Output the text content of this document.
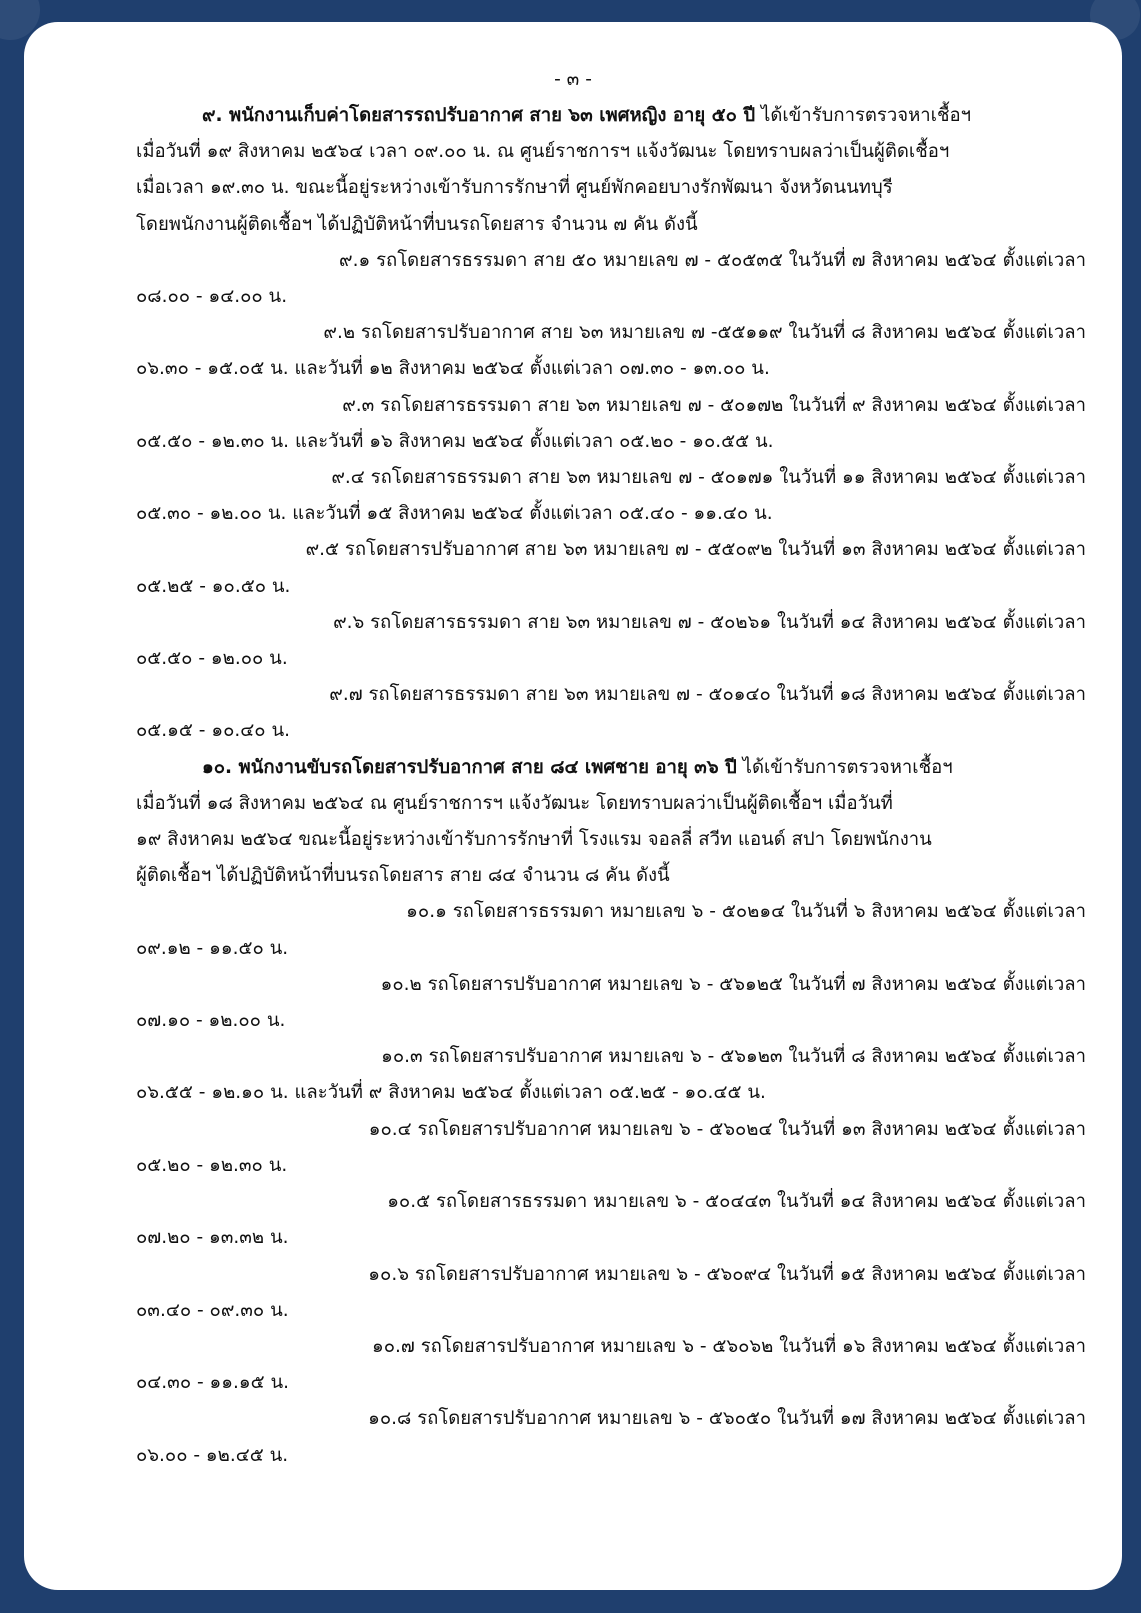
- ๓ -

๙. พนักงานเก็บค่าโดยสารรถปรับอากาศ สาย ๖๓ เพศหญิง อายุ ๕๐ ปี ได้เข้ารับการตรวจหาเชื้อฯ
เมื่อวันที่ ๑๙ สิงหาคม ๒๕๖๔ เวลา ๐๙.๐๐ น. ณ ศูนย์ราชการฯ แจ้งวัฒนะ โดยทราบผลว่าเป็นผู้ติดเชื้อฯ
เมื่อเวลา ๑๙.๓๐ น. ขณะนี้อยู่ระหว่างเข้ารับการรักษาที่ ศูนย์พักคอยบางรักพัฒนา จังหวัดนนทบุรี
โดยพนักงานผู้ติดเชื้อฯ ได้ปฏิบัติหน้าที่บนรถโดยสาร จำนวน ๗ คัน ดังนี้

๙.๑ รถโดยสารธรรมดา สาย ๕๐ หมายเลข ๗ - ๕๐๕๓๕ ในวันที่ ๗ สิงหาคม ๒๕๖๔ ตั้งแต่เวลา
๐๘.๐๐ - ๑๔.๐๐ น.
๙.๒ รถโดยสารปรับอากาศ สาย ๖๓ หมายเลข ๗ -๕๕๑๑๙ ในวันที่ ๘ สิงหาคม ๒๕๖๔ ตั้งแต่เวลา
๐๖.๓๐ - ๑๕.๐๕ น. และวันที่ ๑๒ สิงหาคม ๒๕๖๔ ตั้งแต่เวลา ๐๗.๓๐ - ๑๓.๐๐ น.
๙.๓ รถโดยสารธรรมดา สาย ๖๓ หมายเลข ๗ - ๕๐๑๗๒ ในวันที่ ๙ สิงหาคม ๒๕๖๔ ตั้งแต่เวลา
๐๕.๕๐ - ๑๒.๓๐ น. และวันที่ ๑๖ สิงหาคม ๒๕๖๔ ตั้งแต่เวลา ๐๕.๒๐ - ๑๐.๕๕ น.
๙.๔ รถโดยสารธรรมดา สาย ๖๓ หมายเลข ๗ - ๕๐๑๗๑ ในวันที่ ๑๑ สิงหาคม ๒๕๖๔ ตั้งแต่เวลา
๐๕.๓๐ - ๑๒.๐๐ น. และวันที่ ๑๕ สิงหาคม ๒๕๖๔ ตั้งแต่เวลา ๐๕.๔๐ - ๑๑.๔๐ น.
๙.๕ รถโดยสารปรับอากาศ สาย ๖๓ หมายเลข ๗ - ๕๕๐๙๒ ในวันที่ ๑๓ สิงหาคม ๒๕๖๔ ตั้งแต่เวลา
๐๕.๒๕ - ๑๐.๕๐ น.
๙.๖ รถโดยสารธรรมดา สาย ๖๓ หมายเลข ๗ - ๕๐๒๖๑ ในวันที่ ๑๔ สิงหาคม ๒๕๖๔ ตั้งแต่เวลา
๐๕.๕๐ - ๑๒.๐๐ น.
๙.๗ รถโดยสารธรรมดา สาย ๖๓ หมายเลข ๗ - ๕๐๑๔๐ ในวันที่ ๑๘ สิงหาคม ๒๕๖๔ ตั้งแต่เวลา
๐๕.๑๕ - ๑๐.๔๐ น.

๑๐. พนักงานขับรถโดยสารปรับอากาศ สาย ๘๔ เพศชาย อายุ ๓๖ ปี ได้เข้ารับการตรวจหาเชื้อฯ
เมื่อวันที่ ๑๘ สิงหาคม ๒๕๖๔ ณ ศูนย์ราชการฯ แจ้งวัฒนะ โดยทราบผลว่าเป็นผู้ติดเชื้อฯ เมื่อวันที่
๑๙ สิงหาคม ๒๕๖๔ ขณะนี้อยู่ระหว่างเข้ารับการรักษาที่ โรงแรม จอลลี่ สวีท แอนด์ สปา โดยพนักงาน
ผู้ติดเชื้อฯ ได้ปฏิบัติหน้าที่บนรถโดยสาร สาย ๘๔ จำนวน ๘ คัน ดังนี้

๑๐.๑ รถโดยสารธรรมดา หมายเลข ๖ - ๕๐๒๑๔ ในวันที่ ๖ สิงหาคม ๒๕๖๔ ตั้งแต่เวลา
๐๙.๑๒ - ๑๑.๕๐ น.
๑๐.๒ รถโดยสารปรับอากาศ หมายเลข ๖ - ๕๖๑๒๕ ในวันที่ ๗ สิงหาคม ๒๕๖๔ ตั้งแต่เวลา
๐๗.๑๐ - ๑๒.๐๐ น.
๑๐.๓ รถโดยสารปรับอากาศ หมายเลข ๖ - ๕๖๑๒๓ ในวันที่ ๘ สิงหาคม ๒๕๖๔ ตั้งแต่เวลา
๐๖.๕๕ - ๑๒.๑๐ น. และวันที่ ๙ สิงหาคม ๒๕๖๔ ตั้งแต่เวลา ๐๕.๒๕ - ๑๐.๔๕ น.
๑๐.๔ รถโดยสารปรับอากาศ หมายเลข ๖ - ๕๖๐๒๔ ในวันที่ ๑๓ สิงหาคม ๒๕๖๔ ตั้งแต่เวลา
๐๕.๒๐ - ๑๒.๓๐ น.
๑๐.๕ รถโดยสารธรรมดา หมายเลข ๖ - ๕๐๔๔๓ ในวันที่ ๑๔ สิงหาคม ๒๕๖๔ ตั้งแต่เวลา
๐๗.๒๐ - ๑๓.๓๒ น.
๑๐.๖ รถโดยสารปรับอากาศ หมายเลข ๖ - ๕๖๐๙๔ ในวันที่ ๑๕ สิงหาคม ๒๕๖๔ ตั้งแต่เวลา
๐๓.๔๐ - ๐๙.๓๐ น.
๑๐.๗ รถโดยสารปรับอากาศ หมายเลข ๖ - ๕๖๐๖๒ ในวันที่ ๑๖ สิงหาคม ๒๕๖๔ ตั้งแต่เวลา
๐๔.๓๐ - ๑๑.๑๕ น.
๑๐.๘ รถโดยสารปรับอากาศ หมายเลข ๖ - ๕๖๐๕๐ ในวันที่ ๑๗ สิงหาคม ๒๕๖๔ ตั้งแต่เวลา
๐๖.๐๐ - ๑๒.๔๕ น.
